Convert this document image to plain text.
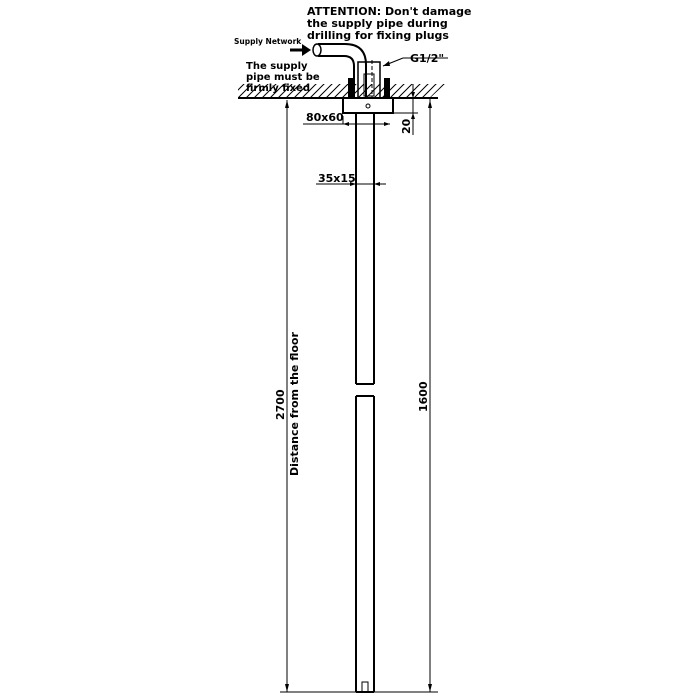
ATTENTION: Don't damage
the supply pipe during
drilling for fixing plugs
Supply Network
The supply
pipe must be
firmly fixed
G1/2"
80x60
20
35x15
2700 Distance from the floor	1600
